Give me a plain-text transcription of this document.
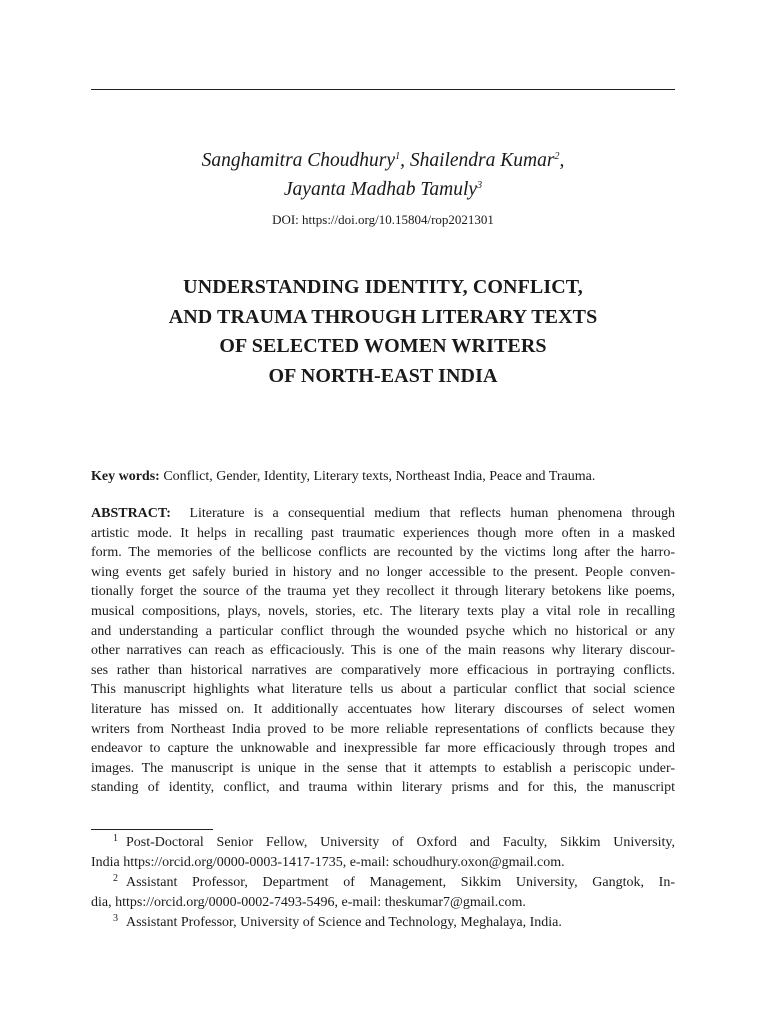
Sanghamitra Choudhury$^1$, Shailendra Kumar$^2$,
Jayanta Madhab Tamuly$^3$
DOI: https://doi.org/10.15804/rop2021301
UNDERSTANDING IDENTITY, CONFLICT,
AND TRAUMA THROUGH LITERARY TEXTS
OF SELECTED WOMEN WRITERS
OF NORTH-EAST INDIA
Key words: Conflict, Gender, Identity, Literary texts, Northeast India, Peace and Trauma.
ABSTRACT: Literature is a consequential medium that reflects human phenomena through
artistic mode. It helps in recalling past traumatic experiences though more often in a masked
form. The memories of the bellicose conflicts are recounted by the victims long after the harro-
wing events get safely buried in history and no longer accessible to the present. People conven-
tionally forget the source of the trauma yet they recollect it through literary betokens like poems,
musical compositions, plays, novels, stories, etc. The literary texts play a vital role in recalling
and understanding a particular conflict through the wounded psyche which no historical or any
other narratives can reach as efficaciously. This is one of the main reasons why literary discour-
ses rather than historical narratives are comparatively more efficacious in portraying conflicts.
This manuscript highlights what literature tells us about a particular conflict that social science
literature has missed on. It additionally accentuates how literary discourses of select women
writers from Northeast India proved to be more reliable representations of conflicts because they
endeavor to capture the unknowable and inexpressible far more efficaciously through tropes and
images. The manuscript is unique in the sense that it attempts to establish a periscopic under-
standing of identity, conflict, and trauma within literary prisms and for this, the manuscript
$^1$ Post-Doctoral Senior Fellow, University of Oxford and Faculty, Sikkim University,
India https://orcid.org/0000-0003-1417-1735, e-mail: schoudhury.oxon@gmail.com.
$^2$ Assistant Professor, Department of Management, Sikkim University, Gangtok, In-
dia, https://orcid.org/0000-0002-7493-5496, e-mail: theskumar7@gmail.com.
$^3$ Assistant Professor, University of Science and Technology, Meghalaya, India.
